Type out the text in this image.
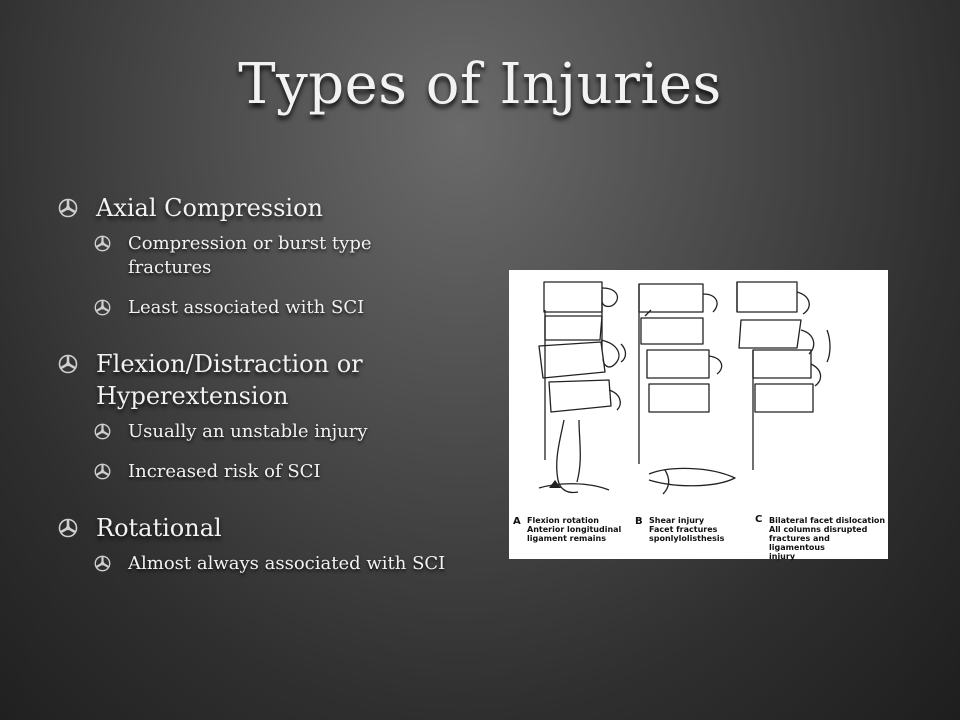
Types of Injuries
Axial Compression
Compression or burst type fractures
Least associated with SCI
Flexion/Distraction or Hyperextension
Usually an unstable injury
Increased risk of SCI
Rotational
Almost always associated with SCI
A Flexion rotation
Anterior longitudinal
ligament remains
B Shear injury
Facet fractures
sponlylolisthesis
C Bilateral facet dislocation
All columns disrupted
fractures and ligamentous
injury
